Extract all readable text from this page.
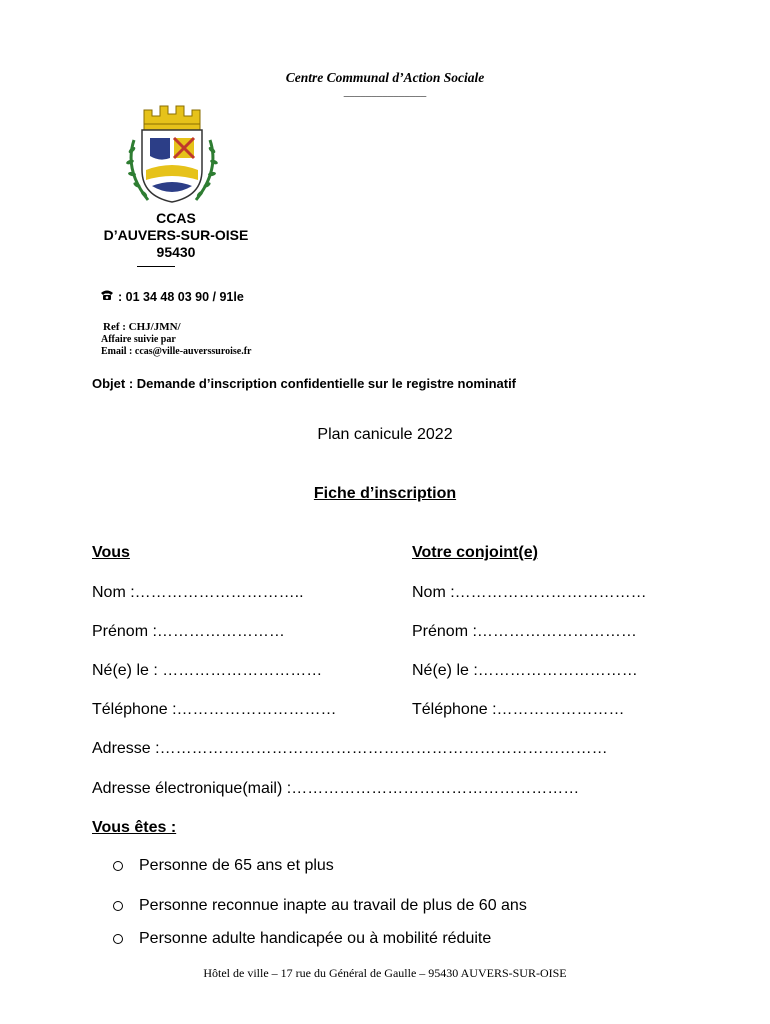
Centre Communal d’Action Sociale
_______________
CCAS
D’AUVERS-SUR-OISE
95430
: 01 34 48 03 90 / 91le
Ref : CHJ/JMN/
Affaire suivie par
Email : ccas@ville-auverssuroise.fr
Objet : Demande d’inscription confidentielle sur le registre nominatif
Plan canicule 2022
Fiche d’inscription
Vous	Votre conjoint(e)
Nom :…………………………..	Nom :………………………………
Prénom :……………………	Prénom :…………………………
Né(e) le : …………………………	Né(e) le :…………………………
Téléphone :…………………………	Téléphone :……………………
Adresse :…………………………………………………………………………
Adresse électronique(mail) :………………………………………………
Vous êtes :
Personne de 65 ans et plus
Personne reconnue inapte au travail de plus de 60 ans
Personne adulte handicapée ou à mobilité réduite
Hôtel de ville – 17 rue du Général de Gaulle – 95430 AUVERS-SUR-OISE
